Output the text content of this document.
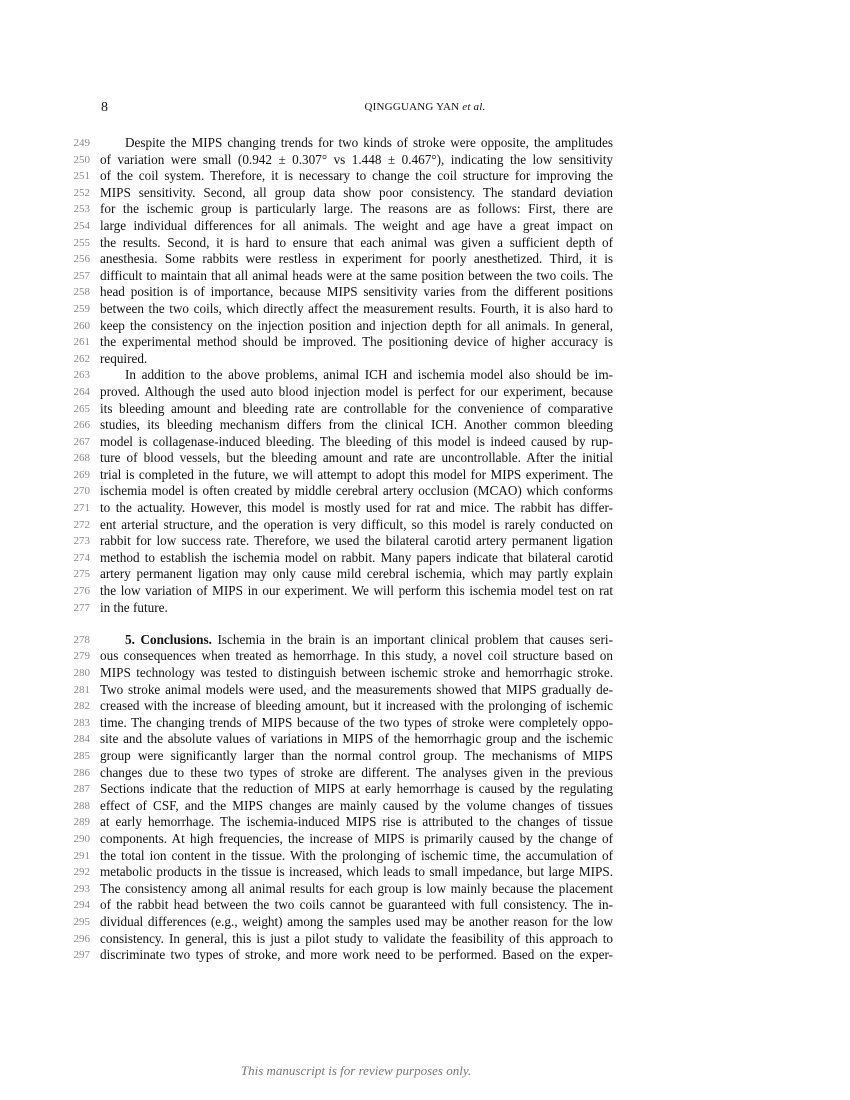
8	QINGGUANG YAN et al.
249	Despite the MIPS changing trends for two kinds of stroke were opposite, the amplitudes
250 of variation were small (0.942 ± 0.307° vs 1.448 ± 0.467°), indicating the low sensitivity
251 of the coil system. Therefore, it is necessary to change the coil structure for improving the
252 MIPS sensitivity. Second, all group data show poor consistency. The standard deviation
253 for the ischemic group is particularly large. The reasons are as follows: First, there are
254 large individual differences for all animals. The weight and age have a great impact on
255 the results. Second, it is hard to ensure that each animal was given a sufficient depth of
256 anesthesia. Some rabbits were restless in experiment for poorly anesthetized. Third, it is
257 difficult to maintain that all animal heads were at the same position between the two coils. The
258 head position is of importance, because MIPS sensitivity varies from the different positions
259 between the two coils, which directly affect the measurement results. Fourth, it is also hard to
260 keep the consistency on the injection position and injection depth for all animals. In general,
261 the experimental method should be improved. The positioning device of higher accuracy is
262 required.
263	In addition to the above problems, animal ICH and ischemia model also should be im-
264 proved. Although the used auto blood injection model is perfect for our experiment, because
265 its bleeding amount and bleeding rate are controllable for the convenience of comparative
266 studies, its bleeding mechanism differs from the clinical ICH. Another common bleeding
267 model is collagenase-induced bleeding. The bleeding of this model is indeed caused by rup-
268 ture of blood vessels, but the bleeding amount and rate are uncontrollable. After the initial
269 trial is completed in the future, we will attempt to adopt this model for MIPS experiment. The
270 ischemia model is often created by middle cerebral artery occlusion (MCAO) which conforms
271 to the actuality. However, this model is mostly used for rat and mice. The rabbit has differ-
272 ent arterial structure, and the operation is very difficult, so this model is rarely conducted on
273 rabbit for low success rate. Therefore, we used the bilateral carotid artery permanent ligation
274 method to establish the ischemia model on rabbit. Many papers indicate that bilateral carotid
275 artery permanent ligation may only cause mild cerebral ischemia, which may partly explain
276 the low variation of MIPS in our experiment. We will perform this ischemia model test on rat
277 in the future.
278	5. Conclusions. Ischemia in the brain is an important clinical problem that causes seri-
279 ous consequences when treated as hemorrhage. In this study, a novel coil structure based on
280 MIPS technology was tested to distinguish between ischemic stroke and hemorrhagic stroke.
281 Two stroke animal models were used, and the measurements showed that MIPS gradually de-
282 creased with the increase of bleeding amount, but it increased with the prolonging of ischemic
283 time. The changing trends of MIPS because of the two types of stroke were completely oppo-
284 site and the absolute values of variations in MIPS of the hemorrhagic group and the ischemic
285 group were significantly larger than the normal control group. The mechanisms of MIPS
286 changes due to these two types of stroke are different. The analyses given in the previous
287 Sections indicate that the reduction of MIPS at early hemorrhage is caused by the regulating
288 effect of CSF, and the MIPS changes are mainly caused by the volume changes of tissues
289 at early hemorrhage. The ischemia-induced MIPS rise is attributed to the changes of tissue
290 components. At high frequencies, the increase of MIPS is primarily caused by the change of
291 the total ion content in the tissue. With the prolonging of ischemic time, the accumulation of
292 metabolic products in the tissue is increased, which leads to small impedance, but large MIPS.
293 The consistency among all animal results for each group is low mainly because the placement
294 of the rabbit head between the two coils cannot be guaranteed with full consistency. The in-
295 dividual differences (e.g., weight) among the samples used may be another reason for the low
296 consistency. In general, this is just a pilot study to validate the feasibility of this approach to
297 discriminate two types of stroke, and more work need to be performed. Based on the exper-
This manuscript is for review purposes only.
